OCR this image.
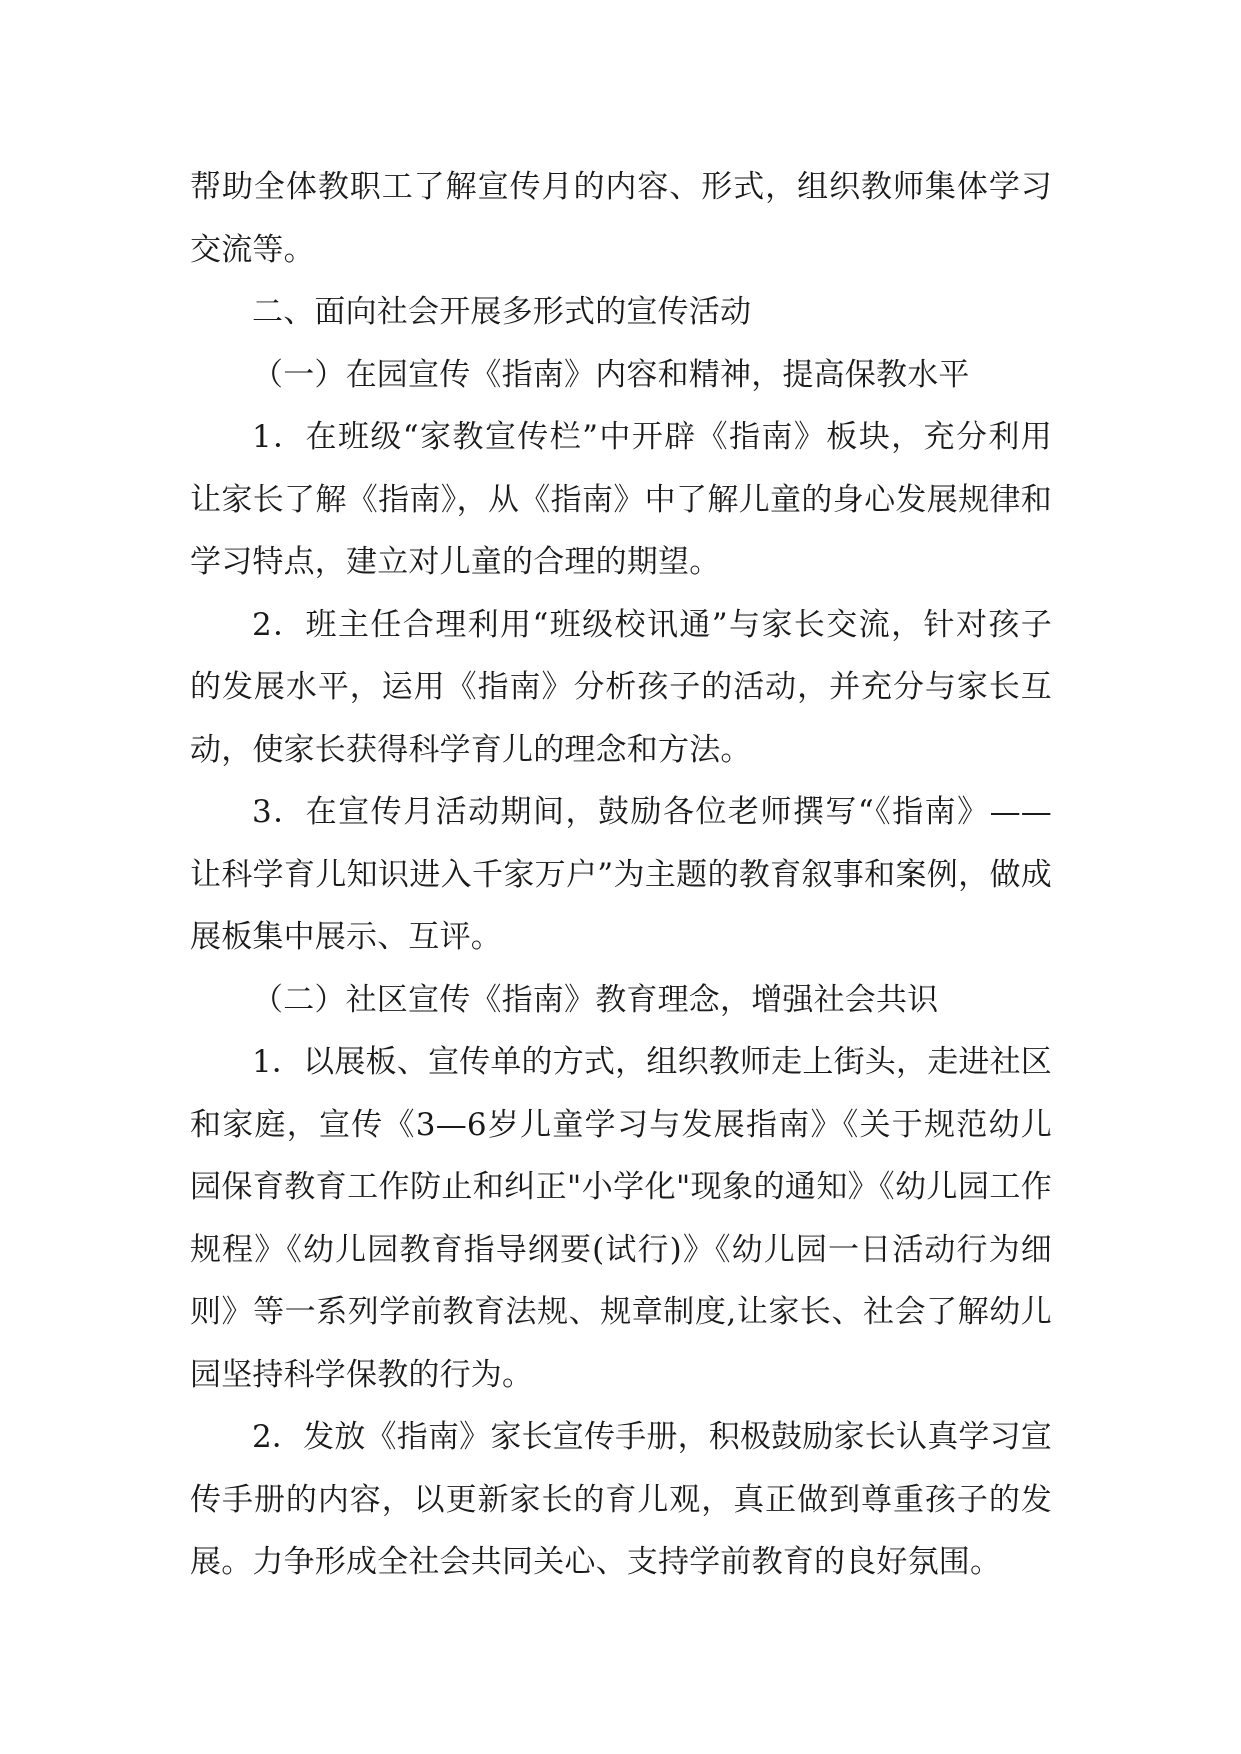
帮助全体教职工了解宣传月的内容、形式，组织教师集体学习交流等。

二、面向社会开展多形式的宣传活动

（一）在园宣传《指南》内容和精神，提高保教水平

1．在班级“家教宣传栏”中开辟《指南》板块，充分利用让家长了解《指南》，从《指南》中了解儿童的身心发展规律和学习特点，建立对儿童的合理的期望。

2．班主任合理利用“班级校讯通”与家长交流，针对孩子的发展水平，运用《指南》分析孩子的活动，并充分与家长互动，使家长获得科学育儿的理念和方法。

3．在宣传月活动期间，鼓励各位老师撰写“《指南》——让科学育儿知识进入千家万户”为主题的教育叙事和案例，做成展板集中展示、互评。

（二）社区宣传《指南》教育理念，增强社会共识

1．以展板、宣传单的方式，组织教师走上街头，走进社区和家庭，宣传《3—6岁儿童学习与发展指南》《关于规范幼儿园保育教育工作防止和纠正"小学化"现象的通知》《幼儿园工作规程》《幼儿园教育指导纲要(试行)》《幼儿园一日活动行为细则》等一系列学前教育法规、规章制度,让家长、社会了解幼儿园坚持科学保教的行为。

2．发放《指南》家长宣传手册，积极鼓励家长认真学习宣传手册的内容，以更新家长的育儿观，真正做到尊重孩子的发展。力争形成全社会共同关心、支持学前教育的良好氛围。
